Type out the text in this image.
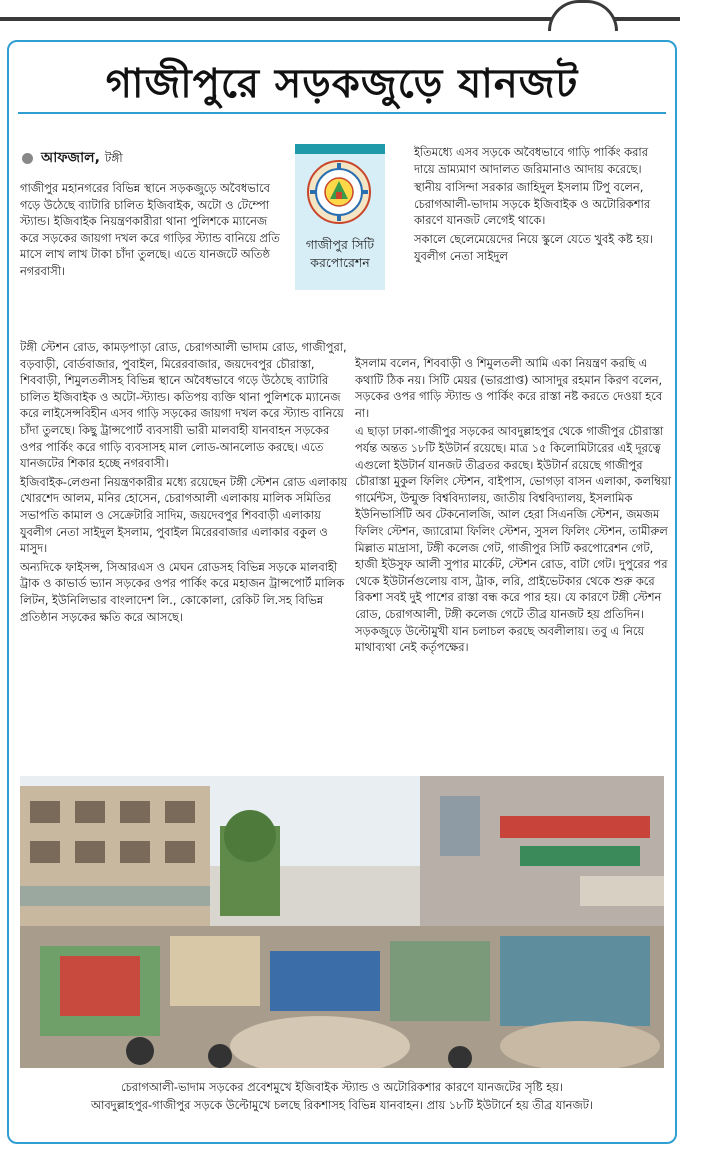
গাজীপুরে সড়কজুড়ে যানজট
আফজাল, টঙ্গী

গাজীপুর মহানগরের বিভিন্ন স্থানে সড়কজুড়ে অবৈধভাবে গড়ে উঠেছে ব্যাটারি চালিত ইজিবাইক, অটো ও টেম্পো স্ট্যান্ড। ইজিবাইক নিয়ন্ত্রণকারীরা থানা পুলিশকে ম্যানেজ করে সড়কের জায়গা দখল করে গাড়ির স্ট্যান্ড বানিয়ে প্রতি মাসে লাখ লাখ টাকা চাঁদা তুলছে। এতে যানজটে অতিষ্ঠ নগরবাসী।

টঙ্গী স্টেশন রোড, কামড়পাড়া রোড, চেরাগআলী ভাদাম রোড, গাজীপুরা, বড়বাড়ী, বোর্ডবাজার, পুবাইল, মিরেরবাজার, জয়দেবপুর চৌরাস্তা, শিববাড়ী, শিমুলতলীসহ বিভিন্ন স্থানে অবৈধভাবে গড়ে উঠেছে ব্যাটারি চালিত ইজিবাইক ও অটো-স্ট্যান্ড। কতিপয় ব্যক্তি থানা পুলিশকে ম্যানেজ করে লাইসেন্সবিহীন এসব গাড়ি সড়কের জায়গা দখল করে স্ট্যান্ড বানিয়ে চাঁদা তুলছে। কিছু ট্রান্সপোর্ট ব্যবসায়ী ভারী মালবাহী যানবাহন সড়কের ওপর পার্কিং করে গাড়ি ব্যবসাসহ মাল লোড-আনলোড করছে। এতে যানজটের শিকার হচ্ছে নগরবাসী।

ইজিবাইক-লেগুনা নিয়ন্ত্রণকারীর মধ্যে রয়েছেন টঙ্গী স্টেশন রোড এলাকায় খোরশেদ আলম, মনির হোসেন, চেরাগআলী এলাকায় মালিক সমিতির সভাপতি কামাল ও সেক্রেটারি সাদিম, জয়দেবপুর শিববাড়ী এলাকায় যুবলীগ নেতা সাইদুল ইসলাম, পুবাইল মিরেরবাজার এলাকার বকুল ও মাসুদ।

অন্যদিকে ফাইসন্স, সিআরএস ও মেঘন রোডসহ বিভিন্ন সড়কে মালবাহী ট্রাক ও কাভার্ড ভ্যান সড়কের ওপর পার্কিং করে মহাজন ট্রান্সপোর্ট মালিক লিটন, ইউনিলিভার বাংলাদেশ লি., কোকোলা, রেকিট লি.সহ বিভিন্ন প্রতিষ্ঠান সড়কের ক্ষতি করে আসছে।

গাজীপুর সিটি করপোরেশন

ইতিমধ্যে এসব সড়কে অবৈধভাবে গাড়ি পার্কিং করার দায়ে ভ্রাম্যমাণ আদালত জরিমানাও আদায় করেছে।

স্থানীয় বাসিন্দা সরকার জাহিদুল ইসলাম টিপু বলেন, চেরাগআলী-ভাদাম সড়কে ইজিবাইক ও অটোরিকশার কারণে যানজট লেগেই থাকে।

সকালে ছেলেমেয়েদের নিয়ে স্কুলে যেতে খুবই কষ্ট হয়। যুবলীগ নেতা সাইদুল

ইসলাম বলেন, শিববাড়ী ও শিমুলতলী আমি একা নিয়ন্ত্রণ করছি এ কথাটি ঠিক নয়। সিটি মেয়র (ভারপ্রাপ্ত) আসাদুর রহমান কিরণ বলেন, সড়কের ওপর গাড়ি স্ট্যান্ড ও পার্কিং করে রাস্তা নষ্ট করতে দেওয়া হবে না।

এ ছাড়া ঢাকা-গাজীপুর সড়কের আবদুল্লাহপুর থেকে গাজীপুর চৌরাস্তা পর্যন্ত অন্তত ১৮টি ইউটার্ন রয়েছে। মাত্র ১৫ কিলোমিটারের এই দূরত্বে এগুলো ইউটার্ন যানজট তীব্রতর করছে। ইউটার্ন রয়েছে গাজীপুর চৌরাস্তা মুকুল ফিলিং স্টেশন, বাইপাস, ভোগড়া বাসন এলাকা, কলম্বিয়া গার্মেন্টস, উন্মুক্ত বিশ্ববিদ্যালয়, জাতীয় বিশ্ববিদ্যালয়, ইসলামিক ইউনিভার্সিটি অব টেকনোলজি, আল হেরা সিএনজি স্টেশন, জমজম ফিলিং স্টেশন, জ্যারোমা ফিলিং স্টেশন, সুসল ফিলিং স্টেশন, তামীরুল মিল্লাত মাদ্রাসা, টঙ্গী কলেজ গেট, গাজীপুর সিটি করপোরেশন গেট, হাজী ইউসুফ আলী সুপার মার্কেট, স্টেশন রোড, বাটা গেট। দুপুরের পর থেকে ইউটার্নগুলোয় বাস, ট্রাক, লরি, প্রাইভেটকার থেকে শুরু করে রিকশা সবই দুই পাশের রাস্তা বন্ধ করে পার হয়। যে কারণে টঙ্গী স্টেশন রোড, চেরাগআলী, টঙ্গী কলেজ গেটে তীব্র যানজট হয় প্রতিদিন। সড়কজুড়ে উল্টোমুখী যান চলাচল করছে অবলীলায়। তবু এ নিয়ে মাথাব্যথা নেই কর্তৃপক্ষের।

চেরাগআলী-ভাদাম সড়কের প্রবেশমুখে ইজিবাইক স্ট্যান্ড ও অটোরিকশার কারণে যানজটের সৃষ্টি হয়।
আবদুল্লাহপুর-গাজীপুর সড়কে উল্টোমুখে চলছে রিকশাসহ বিভিন্ন যানবাহন। প্রায় ১৮টি ইউটার্নে হয় তীব্র যানজট।
